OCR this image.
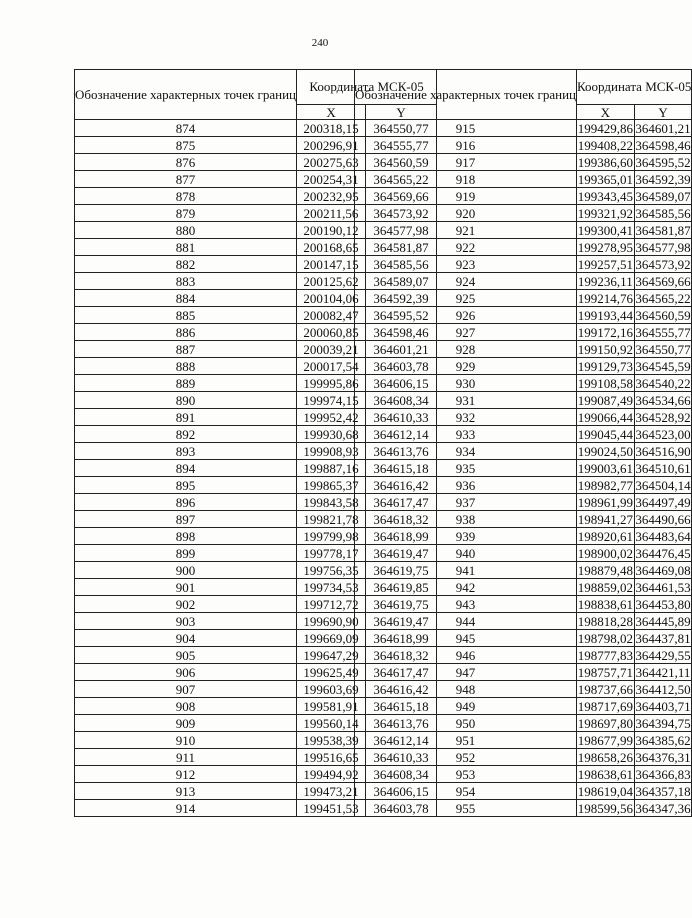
240
Обозначение характерных точек границ	Координата МСК-05	
	X	Y
874	200318,15	364550,77
875	200296,91	364555,77
876	200275,63	364560,59
877	200254,31	364565,22
878	200232,95	364569,66
879	200211,56	364573,92
880	200190,12	364577,98
881	200168,65	364581,87
882	200147,15	364585,56
883	200125,62	364589,07
884	200104,06	364592,39
885	200082,47	364595,52
886	200060,85	364598,46
887	200039,21	364601,21
888	200017,54	364603,78
889	199995,86	364606,15
890	199974,15	364608,34
891	199952,42	364610,33
892	199930,68	364612,14
893	199908,93	364613,76
894	199887,16	364615,18
895	199865,37	364616,42
896	199843,58	364617,47
897	199821,78	364618,32
898	199799,98	364618,99
899	199778,17	364619,47
900	199756,35	364619,75
901	199734,53	364619,85
902	199712,72	364619,75
903	199690,90	364619,47
904	199669,09	364618,99
905	199647,29	364618,32
906	199625,49	364617,47
907	199603,69	364616,42
908	199581,91	364615,18
909	199560,14	364613,76
910	199538,39	364612,14
911	199516,65	364610,33
912	199494,92	364608,34
913	199473,21	364606,15
914	199451,53	364603,78
Обозначение характерных точек границ	Координата МСК-05	
	X	Y
915	199429,86	364601,21
916	199408,22	364598,46
917	199386,60	364595,52
918	199365,01	364592,39
919	199343,45	364589,07
920	199321,92	364585,56
921	199300,41	364581,87
922	199278,95	364577,98
923	199257,51	364573,92
924	199236,11	364569,66
925	199214,76	364565,22
926	199193,44	364560,59
927	199172,16	364555,77
928	199150,92	364550,77
929	199129,73	364545,59
930	199108,58	364540,22
931	199087,49	364534,66
932	199066,44	364528,92
933	199045,44	364523,00
934	199024,50	364516,90
935	199003,61	364510,61
936	198982,77	364504,14
937	198961,99	364497,49
938	198941,27	364490,66
939	198920,61	364483,64
940	198900,02	364476,45
941	198879,48	364469,08
942	198859,02	364461,53
943	198838,61	364453,80
944	198818,28	364445,89
945	198798,02	364437,81
946	198777,83	364429,55
947	198757,71	364421,11
948	198737,66	364412,50
949	198717,69	364403,71
950	198697,80	364394,75
951	198677,99	364385,62
952	198658,26	364376,31
953	198638,61	364366,83
954	198619,04	364357,18
955	198599,56	364347,36
